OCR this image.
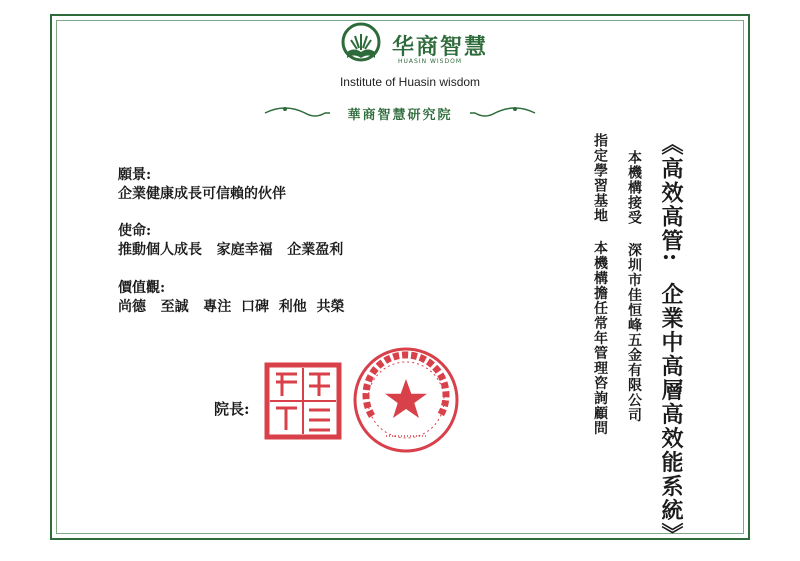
华商智慧
HUASIN WISDOM
Institute of Huasin wisdom
華商智慧研究院
願景:
企業健康成長可信賴的伙伴
使命:
推動個人成長   家庭幸福   企業盈利
價值觀:
尚德   至誠   專注  口碑  利他  共榮	《高效高管:  企業中高層高效能系統》
本機構接受   深圳市佳恒峰五金有限公司
指定學習基地   本機構擔任常年管理咨詢顧問
院長:
